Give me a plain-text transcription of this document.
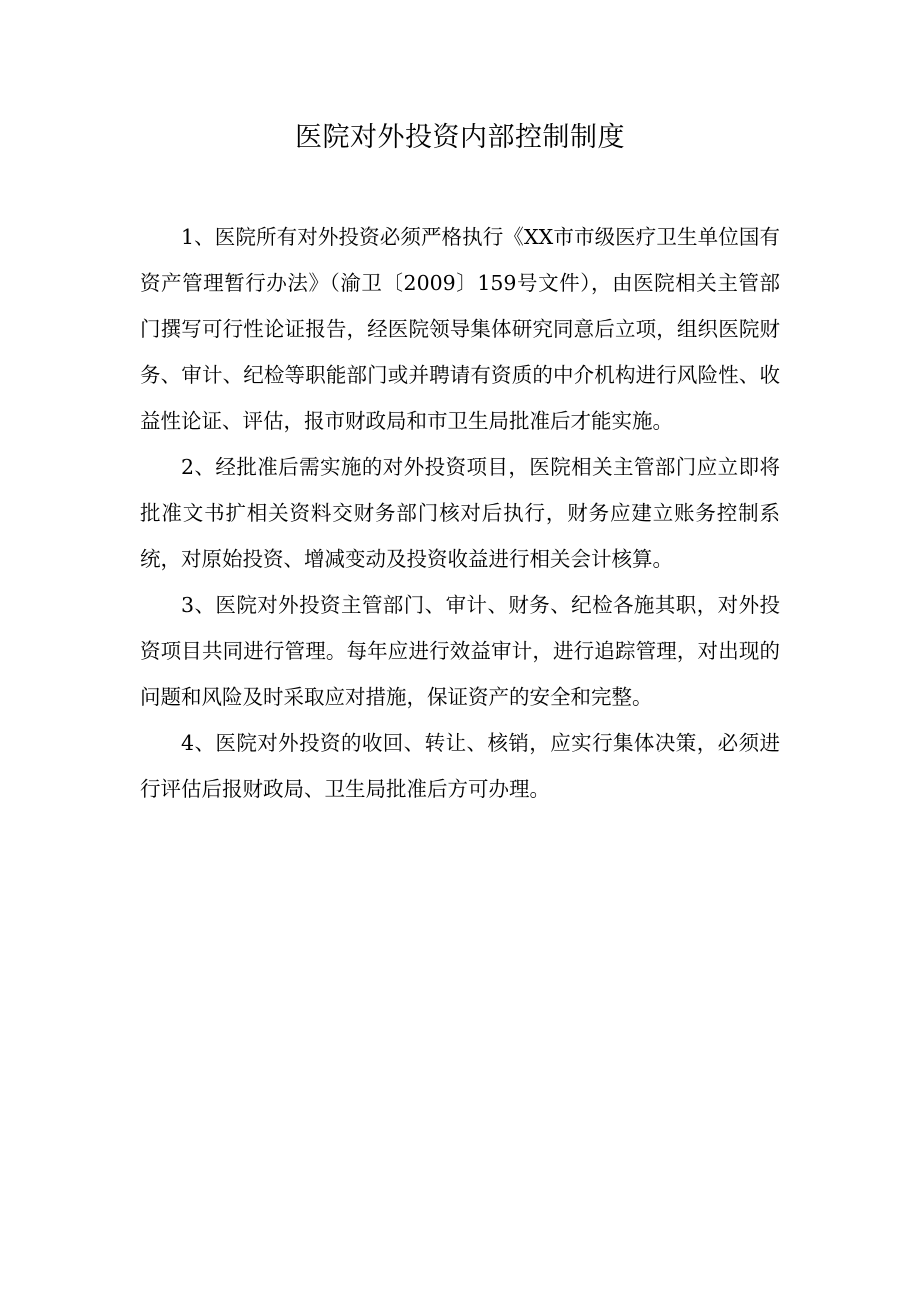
医院对外投资内部控制制度

1、医院所有对外投资必须严格执行《XX市市级医疗卫生单位国有资产管理暂行办法》（渝卫〔2009〕159号文件），由医院相关主管部门撰写可行性论证报告，经医院领导集体研究同意后立项，组织医院财务、审计、纪检等职能部门或并聘请有资质的中介机构进行风险性、收益性论证、评估，报市财政局和市卫生局批准后才能实施。

2、经批准后需实施的对外投资项目，医院相关主管部门应立即将批准文书扩相关资料交财务部门核对后执行，财务应建立账务控制系统，对原始投资、增减变动及投资收益进行相关会计核算。

3、医院对外投资主管部门、审计、财务、纪检各施其职，对外投资项目共同进行管理。每年应进行效益审计，进行追踪管理，对出现的问题和风险及时采取应对措施，保证资产的安全和完整。

4、医院对外投资的收回、转让、核销，应实行集体决策，必须进行评估后报财政局、卫生局批准后方可办理。
